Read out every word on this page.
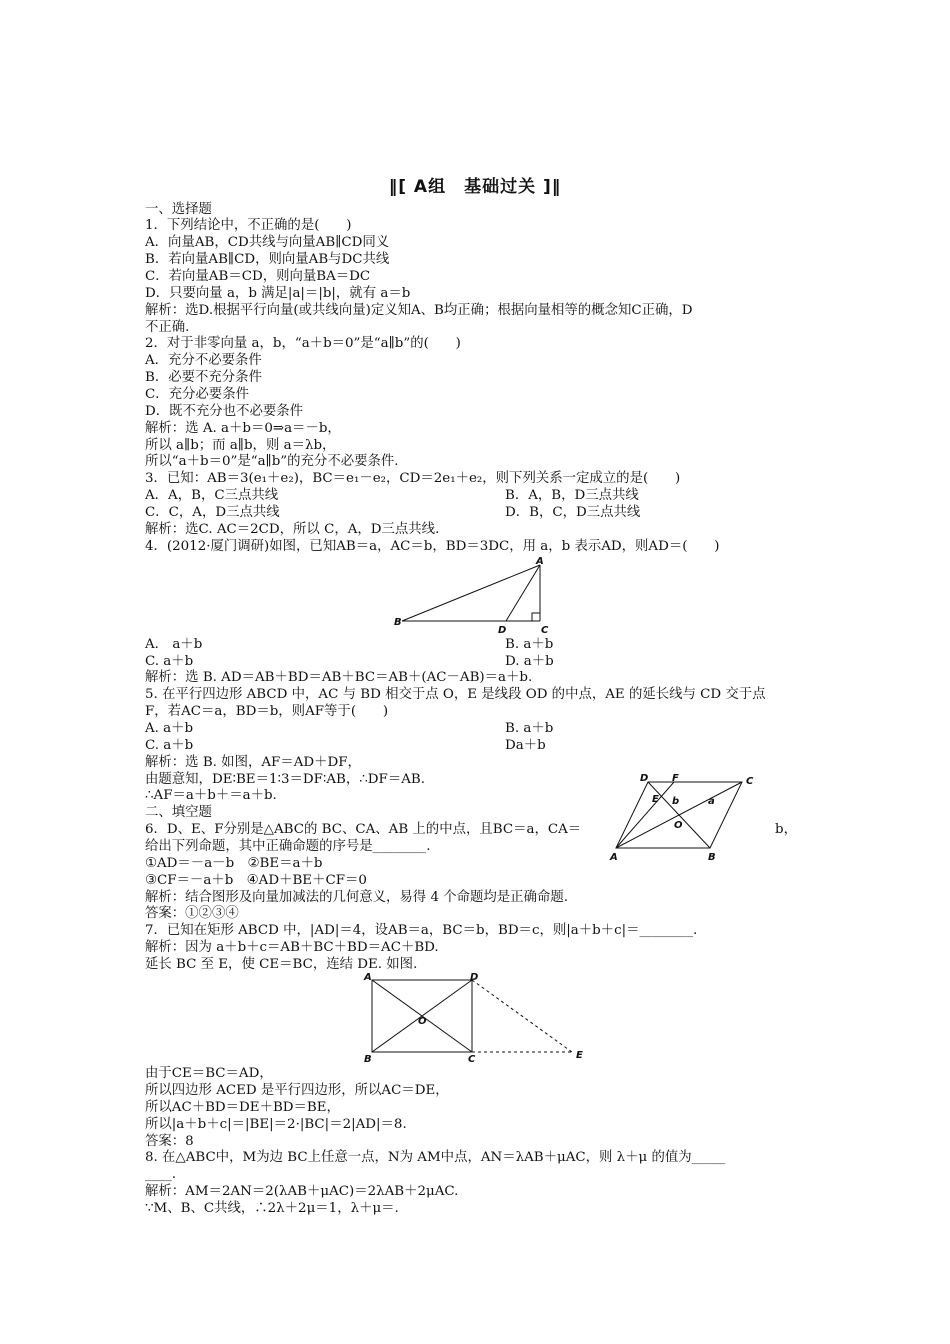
‖[ A组　基础过关 ]‖
一、选择题
1．下列结论中，不正确的是(　　)
A．向量AB，CD共线与向量AB∥CD同义
B．若向量AB∥CD，则向量AB与DC共线
C．若向量AB＝CD，则向量BA＝DC
D．只要向量 a，b 满足|a|＝|b|，就有 a＝b
解析：选D.根据平行向量(或共线向量)定义知A、B均正确；根据向量相等的概念知C正确，D
不正确.
2．对于非零向量 a，b，“a＋b＝0”是“a∥b”的(　　)
A．充分不必要条件
B．必要不充分条件
C．充分必要条件
D．既不充分也不必要条件
解析：选 A. a＋b＝0⇒a＝－b，
所以 a∥b；而 a∥b，则 a＝λb，
所以“a＋b＝0”是“a∥b”的充分不必要条件.
3．已知：AB＝3(e₁＋e₂)，BC＝e₁－e₂，CD＝2e₁＋e₂，则下列关系一定成立的是(　　)
A．A，B，C三点共线	B．A，B，D三点共线
C．C，A，D三点共线	D．B，C，D三点共线
解析：选C. AC＝2CD，所以 C，A，D三点共线.
4．(2012·厦门调研)如图，已知AB＝a，AC＝b，BD＝3DC，用 a，b 表示AD，则AD＝(　　)
A
B
D	C
A． a＋b	B. a＋b
C. a＋b	D. a＋b
解析：选 B. AD＝AB＋BD＝AB＋BC＝AB＋(AC－AB)＝a＋b.
5. 在平行四边形 ABCD 中，AC 与 BD 相交于点 O，E 是线段 OD 的中点，AE 的延长线与 CD 交于点
F，若AC＝a，BD＝b，则AF等于(　　)
A. a＋b	B. a＋b
C. a＋b	Da＋b
解析：选 B. 如图，AF＝AD＋DF，
由题意知，DE∶BE＝1∶3＝DF∶AB，∴DF＝AB.
∴AF＝a＋b＋＝a＋b.
A	B
C
D
E
F
O
a
b
二、填空题
6．D、E、F分别是△ABC的 BC、CA、AB 上的中点，且BC＝a，CA＝	b，
给出下列命题，其中正确命题的序号是________.
①AD＝－a－b　②BE＝a＋b
③CF＝－a＋b　④AD＋BE＋CF＝0
解析：结合图形及向量加减法的几何意义，易得 4 个命题均是正确命题.
答案：①②③④
7．已知在矩形 ABCD 中，|AD|＝4，设AB＝a，BC＝b，BD＝c，则|a＋b＋c|＝________.
解析：因为 a＋b＋c＝AB＋BC＋BD＝AC＋BD.
延长 BC 至 E，使 CE＝BC，连结 DE. 如图.
A
B	C
D
E
O
由于CE＝BC＝AD，
所以四边形 ACED 是平行四边形，所以AC＝DE，
所以AC＋BD＝DE＋BD＝BE，
所以|a＋b＋c|＝|BE|＝2·|BC|＝2|AD|＝8.
答案：8
8. 在△ABC中，M为边 BC上任意一点，N为 AM中点，AN＝λAB＋μAC，则 λ＋μ 的值为_____
____.
解析：AM＝2AN＝2(λAB＋μAC)＝2λAB＋2μAC.
∵M、B、C共线，∴2λ＋2μ＝1，λ＋μ＝.
